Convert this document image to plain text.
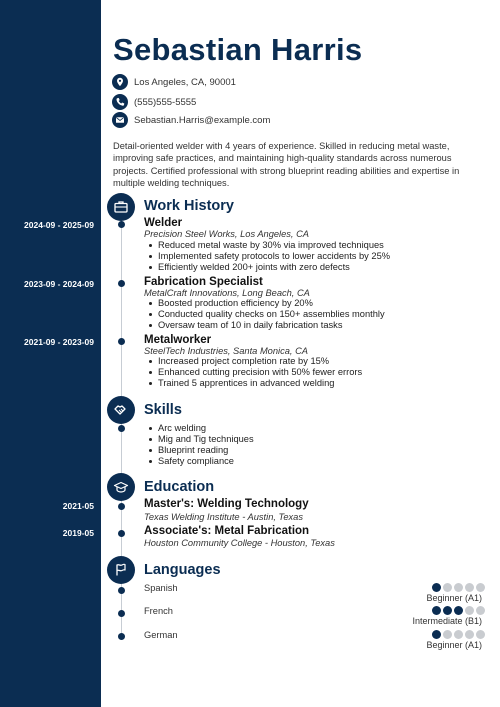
Sebastian Harris
Los Angeles, CA, 90001
(555)555-5555
Sebastian.Harris@example.com
Detail-oriented welder with 4 years of experience. Skilled in reducing metal waste, improving safe practices, and maintaining high-quality standards across numerous projects. Certified professional with strong blueprint reading abilities and expertise in multiple welding techniques.
Work History
2024-09 - 2025-09	Welder
Precision Steel Works, Los Angeles, CA
Reduced metal waste by 30% via improved techniques
Implemented safety protocols to lower accidents by 25%
Efficiently welded 200+ joints with zero defects
2023-09 - 2024-09	Fabrication Specialist
MetalCraft Innovations, Long Beach, CA
Boosted production efficiency by 20%
Conducted quality checks on 150+ assemblies monthly
Oversaw team of 10 in daily fabrication tasks
2021-09 - 2023-09	Metalworker
SteelTech Industries, Santa Monica, CA
Increased project completion rate by 15%
Enhanced cutting precision with 50% fewer errors
Trained 5 apprentices in advanced welding
Skills
Arc welding
Mig and Tig techniques
Blueprint reading
Safety compliance
Education
2021-05	Master's: Welding Technology
Texas Welding Institute - Austin, Texas
2019-05	Associate's: Metal Fabrication
Houston Community College - Houston, Texas
Languages
Spanish
Beginner (A1)
French
Intermediate (B1)
German
Beginner (A1)
